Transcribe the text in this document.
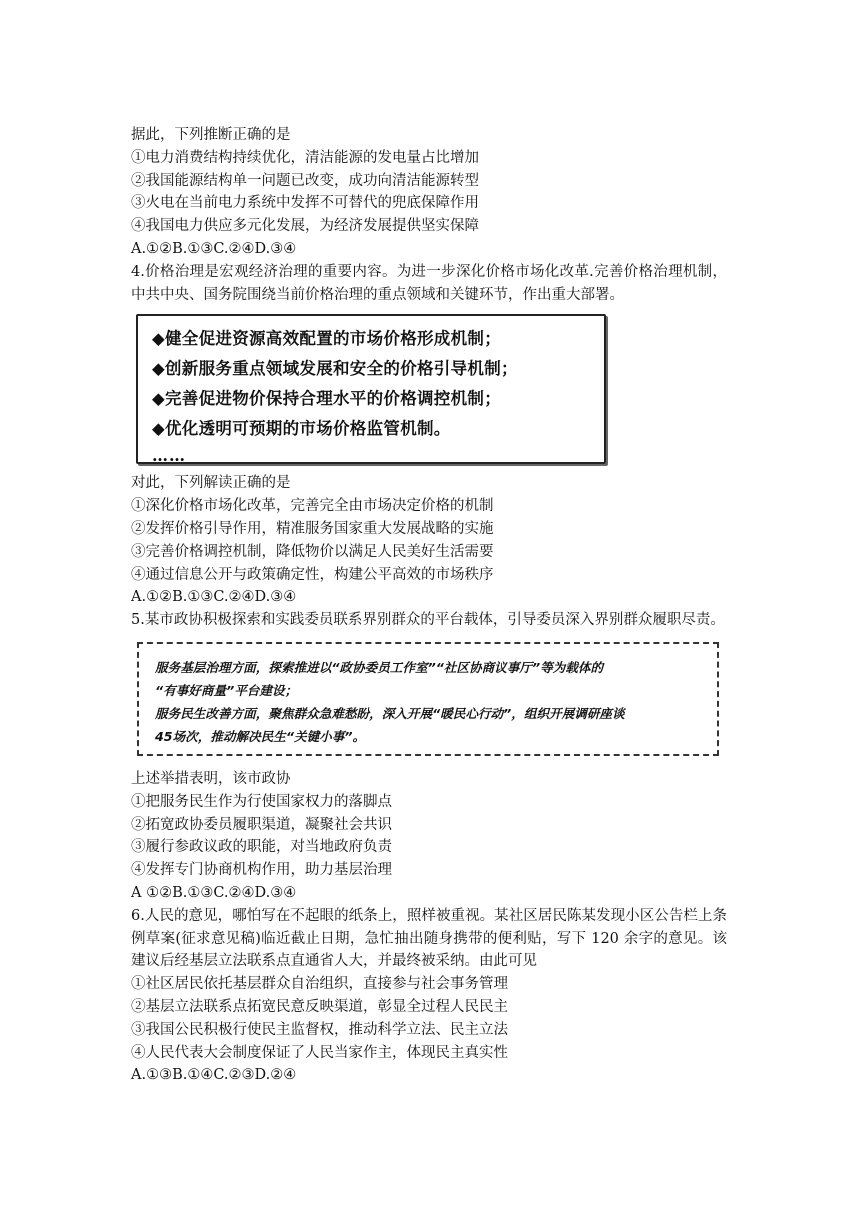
据此，下列推断正确的是
①电力消费结构持续优化，清洁能源的发电量占比增加
②我国能源结构单一问题已改变，成功向清洁能源转型
③火电在当前电力系统中发挥不可替代的兜底保障作用
④我国电力供应多元化发展，为经济发展提供坚实保障
A.①②B.①③C.②④D.③④
4.价格治理是宏观经济治理的重要内容。为进一步深化价格市场化改革.完善价格治理机制，中共中央、国务院围绕当前价格治理的重点领域和关键环节，作出重大部署。
◆健全促进资源高效配置的市场价格形成机制；
◆创新服务重点领域发展和安全的价格引导机制；
◆完善促进物价保持合理水平的价格调控机制；
◆优化透明可预期的市场价格监管机制。
……
对此，下列解读正确的是
①深化价格市场化改革，完善完全由市场决定价格的机制
②发挥价格引导作用，精准服务国家重大发展战略的实施
③完善价格调控机制，降低物价以满足人民美好生活需要
④通过信息公开与政策确定性，构建公平高效的市场秩序
A.①②B.①③C.②④D.③④
5.某市政协积极探索和实践委员联系界别群众的平台载体，引导委员深入界别群众履职尽责。
服务基层治理方面，探索推进以“政协委员工作室”“社区协商议事厅”等为载体的
“有事好商量”平台建设；
服务民生改善方面，聚焦群众急难愁盼，深入开展“暖民心行动”，组织开展调研座谈
45场次，推动解决民生“关键小事”。
上述举措表明，该市政协
①把服务民生作为行使国家权力的落脚点
②拓宽政协委员履职渠道，凝聚社会共识
③履行参政议政的职能，对当地政府负责
④发挥专门协商机构作用，助力基层治理
A ①②B.①③C.②④D.③④
6.人民的意见，哪怕写在不起眼的纸条上，照样被重视。某社区居民陈某发现小区公告栏上条例草案(征求意见稿)临近截止日期，急忙抽出随身携带的便利贴，写下 120 余字的意见。该建议后经基层立法联系点直通省人大，并最终被采纳。由此可见
①社区居民依托基层群众自治组织，直接参与社会事务管理
②基层立法联系点拓宽民意反映渠道，彰显全过程人民民主
③我国公民积极行使民主监督权，推动科学立法、民主立法
④人民代表大会制度保证了人民当家作主，体现民主真实性
A.①③B.①④C.②③D.②④
